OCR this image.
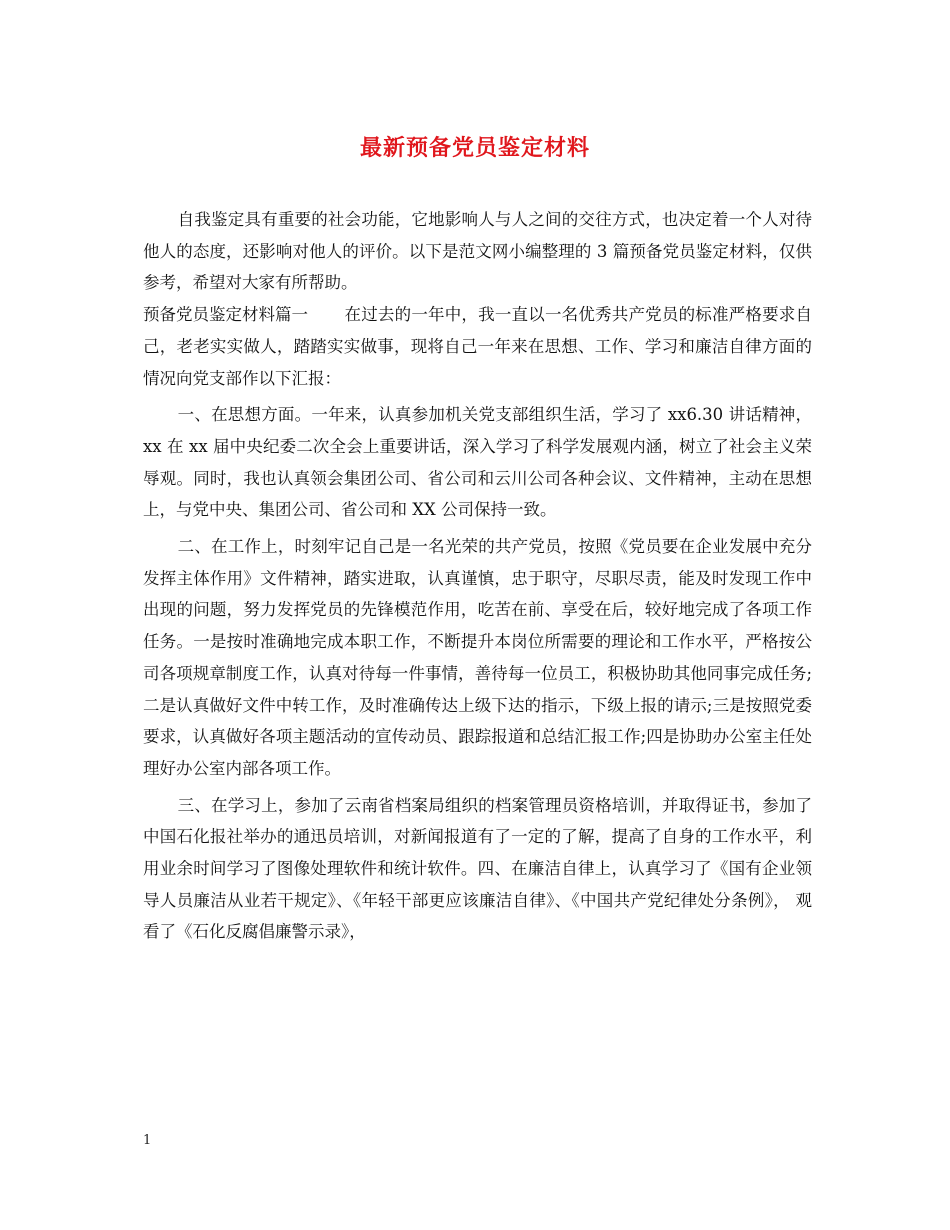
最新预备党员鉴定材料

自我鉴定具有重要的社会功能，它地影响人与人之间的交往方式，也决定着一个人对待他人的态度，还影响对他人的评价。以下是范文网小编整理的 3 篇预备党员鉴定材料，仅供参考，希望对大家有所帮助。

预备党员鉴定材料篇一 在过去的一年中，我一直以一名优秀共产党员的标准严格要求自己，老老实实做人，踏踏实实做事，现将自己一年来在思想、工作、学习和廉洁自律方面的情况向党支部作以下汇报：

一、在思想方面。一年来，认真参加机关党支部组织生活，学习了 xx6.30 讲话精神，xx 在 xx 届中央纪委二次全会上重要讲话，深入学习了科学发展观内涵，树立了社会主义荣辱观。同时，我也认真领会集团公司、省公司和云川公司各种会议、文件精神，主动在思想上，与党中央、集团公司、省公司和 XX 公司保持一致。

二、在工作上，时刻牢记自己是一名光荣的共产党员，按照《党员要在企业发展中充分发挥主体作用》文件精神，踏实进取，认真谨慎，忠于职守，尽职尽责，能及时发现工作中出现的问题，努力发挥党员的先锋模范作用，吃苦在前、享受在后，较好地完成了各项工作任务。一是按时准确地完成本职工作，不断提升本岗位所需要的理论和工作水平，严格按公司各项规章制度工作，认真对待每一件事情，善待每一位员工，积极协助其他同事完成任务;二是认真做好文件中转工作，及时准确传达上级下达的指示，下级上报的请示;三是按照党委要求，认真做好各项主题活动的宣传动员、跟踪报道和总结汇报工作;四是协助办公室主任处理好办公室内部各项工作。

三、在学习上，参加了云南省档案局组织的档案管理员资格培训，并取得证书，参加了中国石化报社举办的通迅员培训，对新闻报道有了一定的了解，提高了自身的工作水平，利用业余时间学习了图像处理软件和统计软件。四、在廉洁自律上，认真学习了《国有企业领导人员廉洁从业若干规定》、《年轻干部更应该廉洁自律》、《中国共产党纪律处分条例》， 观看了《石化反腐倡廉警示录》，

1
